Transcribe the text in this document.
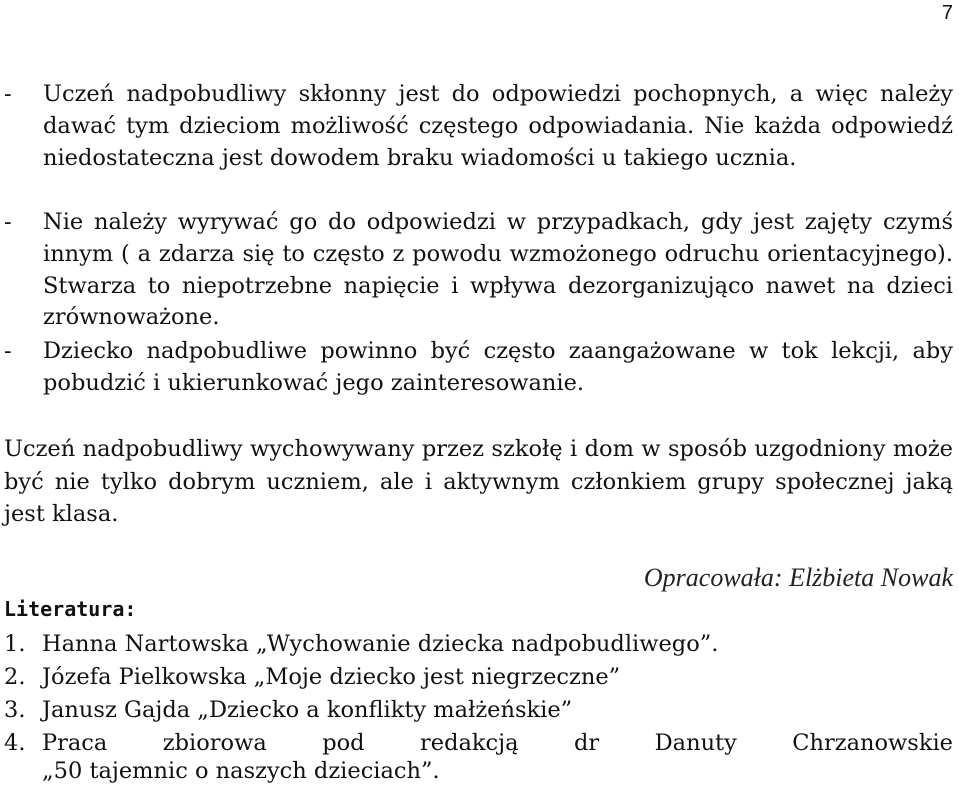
7
- Uczeń nadpobudliwy skłonny jest do odpowiedzi pochopnych, a więc należy dawać tym dzieciom możliwość częstego odpowiadania. Nie każda odpowiedź niedostateczna jest dowodem braku wiadomości u takiego ucznia.
- Nie należy wyrywać go do odpowiedzi w przypadkach, gdy jest zajęty czymś innym ( a zdarza się to często z powodu wzmożonego odruchu orientacyjnego). Stwarza to niepotrzebne napięcie i wpływa dezorganizująco nawet na dzieci zrównoważone.
- Dziecko nadpobudliwe powinno być często zaangażowane w tok lekcji, aby pobudzić i ukierunkować jego zainteresowanie.
Uczeń nadpobudliwy wychowywany przez szkołę i dom w sposób uzgodniony może być nie tylko dobrym uczniem, ale i aktywnym członkiem grupy społecznej jaką jest klasa.
Opracowała: Elżbieta Nowak
Literatura:
1. Hanna Nartowska „Wychowanie dziecka nadpobudliwego”.
2. Józefa Pielkowska „Moje dziecko jest niegrzeczne”
3. Janusz Gajda „Dziecko a konflikty małżeńskie”
4. Praca zbiorowa pod redakcją dr Danuty Chrzanowskie
„50 tajemnic o naszych dzieciach”.
